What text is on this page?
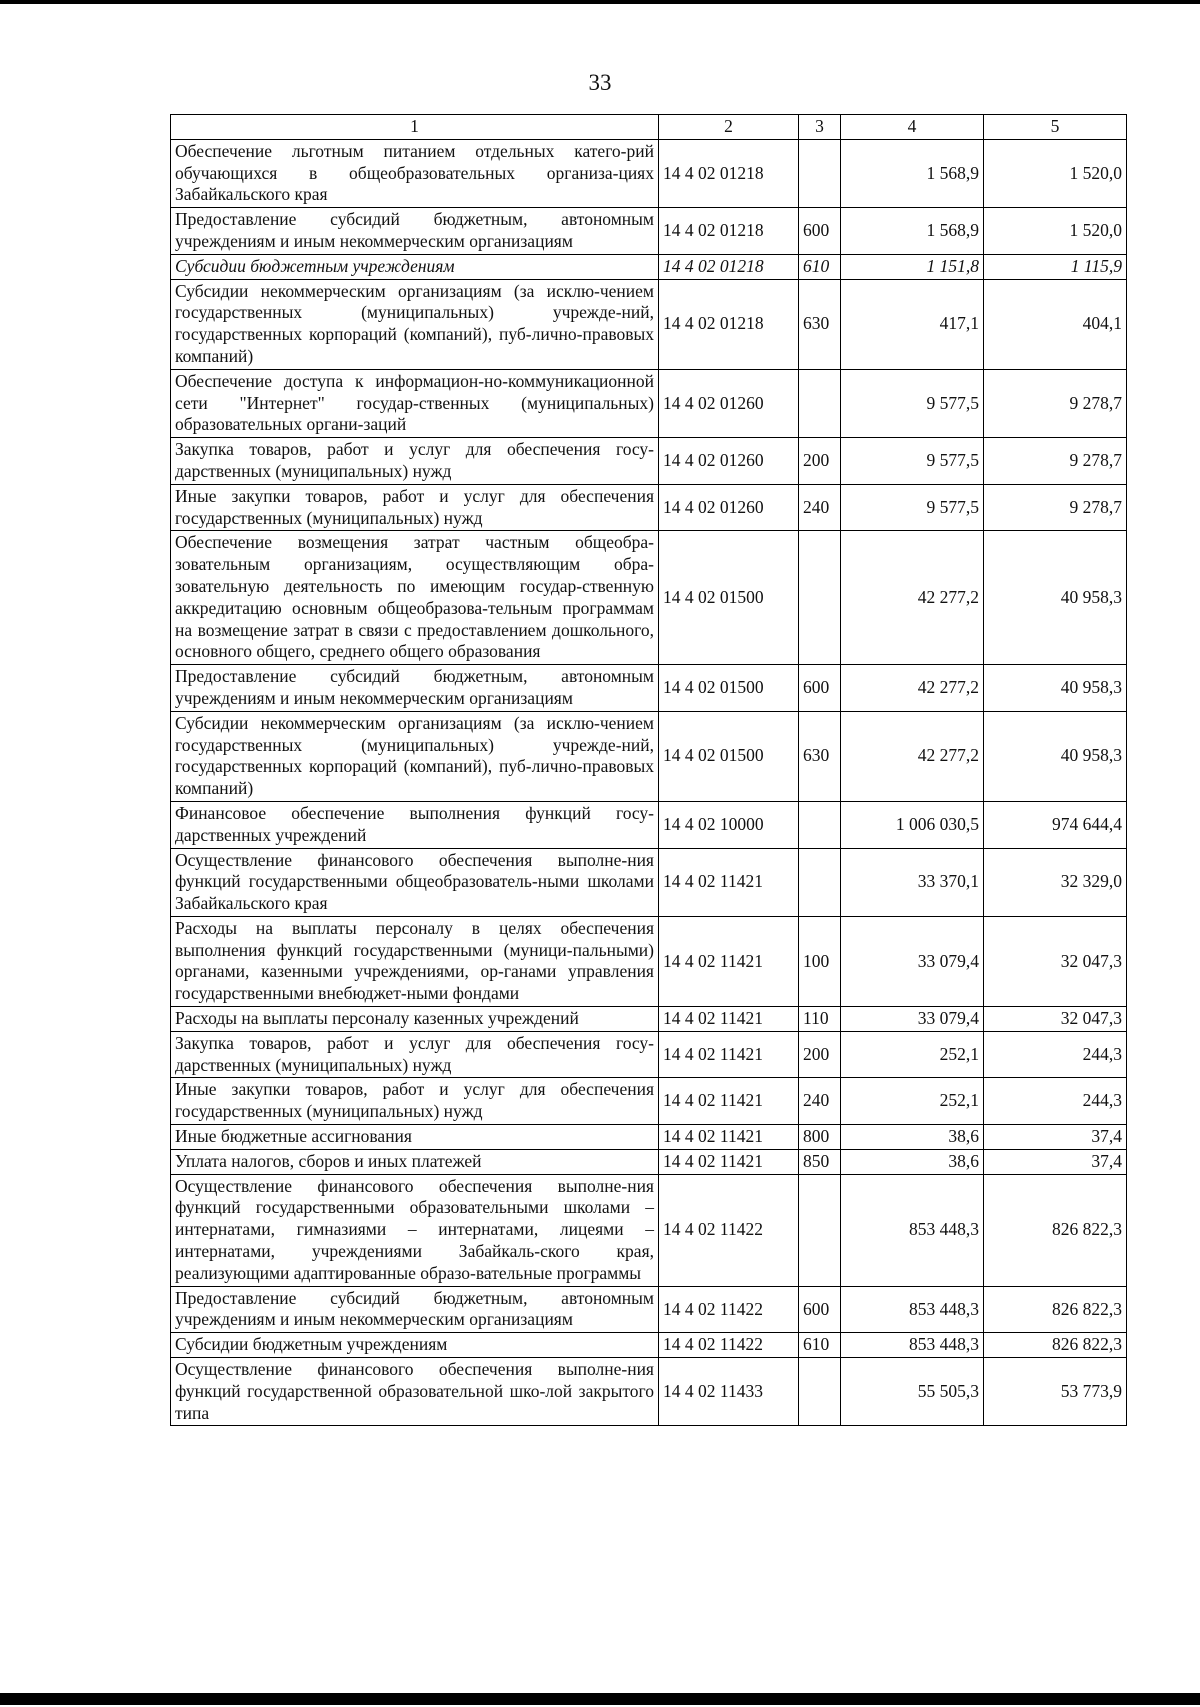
33
1	2	3	4	5
Обеспечение льготным питанием отдельных катего-рий обучающихся в общеобразовательных организа-циях Забайкальского края	14 4 02 01218		1 568,9	1 520,0
Предоставление субсидий бюджетным, автономным учреждениям и иным некоммерческим организациям	14 4 02 01218	600	1 568,9	1 520,0
Субсидии бюджетным учреждениям	14 4 02 01218	610	1 151,8	1 115,9
Субсидии некоммерческим организациям (за исклю-чением государственных (муниципальных) учрежде-ний, государственных корпораций (компаний), пуб-лично-правовых компаний)	14 4 02 01218	630	417,1	404,1
Обеспечение доступа к информацион-но-коммуникационной сети "Интернет" государ-ственных (муниципальных) образовательных органи-заций	14 4 02 01260		9 577,5	9 278,7
Закупка товаров, работ и услуг для обеспечения госу-дарственных (муниципальных) нужд	14 4 02 01260	200	9 577,5	9 278,7
Иные закупки товаров, работ и услуг для обеспечения государственных (муниципальных) нужд	14 4 02 01260	240	9 577,5	9 278,7
Обеспечение возмещения затрат частным общеобра-зовательным организациям, осуществляющим обра-зовательную деятельность по имеющим государ-ственную аккредитацию основным общеобразова-тельным программам на возмещение затрат в связи с предоставлением дошкольного, основного общего, среднего общего образования	14 4 02 01500		42 277,2	40 958,3
Предоставление субсидий бюджетным, автономным учреждениям и иным некоммерческим организациям	14 4 02 01500	600	42 277,2	40 958,3
Субсидии некоммерческим организациям (за исклю-чением государственных (муниципальных) учрежде-ний, государственных корпораций (компаний), пуб-лично-правовых компаний)	14 4 02 01500	630	42 277,2	40 958,3
Финансовое обеспечение выполнения функций госу-дарственных учреждений	14 4 02 10000		1 006 030,5	974 644,4
Осуществление финансового обеспечения выполне-ния функций государственными общеобразователь-ными школами Забайкальского края	14 4 02 11421		33 370,1	32 329,0
Расходы на выплаты персоналу в целях обеспечения выполнения функций государственными (муници-пальными) органами, казенными учреждениями, ор-ганами управления государственными внебюджет-ными фондами	14 4 02 11421	100	33 079,4	32 047,3
Расходы на выплаты персоналу казенных учреждений	14 4 02 11421	110	33 079,4	32 047,3
Закупка товаров, работ и услуг для обеспечения госу-дарственных (муниципальных) нужд	14 4 02 11421	200	252,1	244,3
Иные закупки товаров, работ и услуг для обеспечения государственных (муниципальных) нужд	14 4 02 11421	240	252,1	244,3
Иные бюджетные ассигнования	14 4 02 11421	800	38,6	37,4
Уплата налогов, сборов и иных платежей	14 4 02 11421	850	38,6	37,4
Осуществление финансового обеспечения выполне-ния функций государственными образовательными школами – интернатами, гимназиями – интернатами, лицеями – интернатами, учреждениями Забайкаль-ского края, реализующими адаптированные образо-вательные программы	14 4 02 11422		853 448,3	826 822,3
Предоставление субсидий бюджетным, автономным учреждениям и иным некоммерческим организациям	14 4 02 11422	600	853 448,3	826 822,3
Субсидии бюджетным учреждениям	14 4 02 11422	610	853 448,3	826 822,3
Осуществление финансового обеспечения выполне-ния функций государственной образовательной шко-лой закрытого типа	14 4 02 11433		55 505,3	53 773,9
